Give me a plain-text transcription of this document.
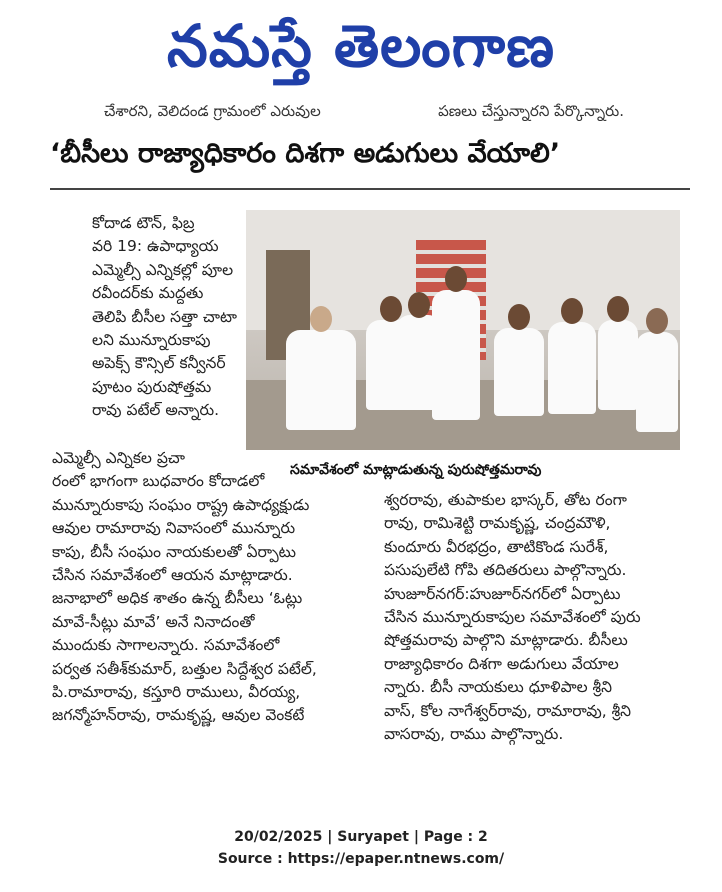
నమస్తే తెలంగాణ
చేశారని, వెలిదండ గ్రామంలో ఎరువుల	పణలు చేస్తున్నారని పేర్కొన్నారు.
‘బీసీలు రాజ్యాధికారం దిశగా అడుగులు వేయాలి’

కోదాడ టౌన్, ఫిబ్ర

వరి 19: ఉపాధ్యాయ

ఎమ్మెల్సీ ఎన్నికల్లో పూల

రవీందర్‌కు మద్దతు

తెలిపి బీసీల సత్తా చాటా

లని మున్నూరుకాపు

అపెక్స్ కౌన్సిల్ కన్వీనర్

పూటం పురుషోత్తమ

రావు పటేల్ అన్నారు.

సమావేశంలో మాట్లాడుతున్న పురుషోత్తమరావు

ఎమ్మెల్సీ ఎన్నికల ప్రచా

రంలో భాగంగా బుధవారం కోదాడలో

మున్నూరుకాపు సంఘం రాష్ట్ర ఉపాధ్యక్షుడు

ఆవుల రామారావు నివాసంలో మున్నూరు

కాపు, బీసీ సంఘం నాయకులతో ఏర్పాటు

చేసిన సమావేశంలో ఆయన మాట్లాడారు.

జనాభాలో అధిక శాతం ఉన్న బీసీలు ‘ఓట్లు

మావే-సీట్లు మావే’ అనే నినాదంతో

ముందుకు సాగాలన్నారు. సమావేశంలో

పర్వత సతీశ్‌కుమార్, బత్తుల సిద్దేశ్వర పటేల్,

పి.రామారావు, కస్తూరి రాములు, వీరయ్య,

జగన్మోహన్‌రావు, రామకృష్ణ, ఆవుల వెంకటే

శ్వరరావు, తుపాకుల భాస్కర్, తోట రంగా

రావు, రామిశెట్టి రామకృష్ణ, చంద్రమౌళి,

కుందూరు వీరభద్రం, తాటికొండ సురేశ్,

పసుపులేటి గోపి తదితరులు పాల్గొన్నారు.

హుజూర్‌నగర్:హుజూర్‌నగర్‌లో ఏర్పాటు

చేసిన మున్నూరుకాపుల సమావేశంలో పురు

షోత్తమరావు పాల్గొని మాట్లాడారు. బీసీలు

రాజ్యాధికారం దిశగా అడుగులు వేయాల

న్నారు. బీసీ నాయకులు ధూళిపాల శ్రీని

వాస్, కోల నాగేశ్వర్‌రావు, రామారావు, శ్రీని

వాసరావు, రాము పాల్గొన్నారు.

20/02/2025 | Suryapet | Page : 2
Source : https://epaper.ntnews.com/
